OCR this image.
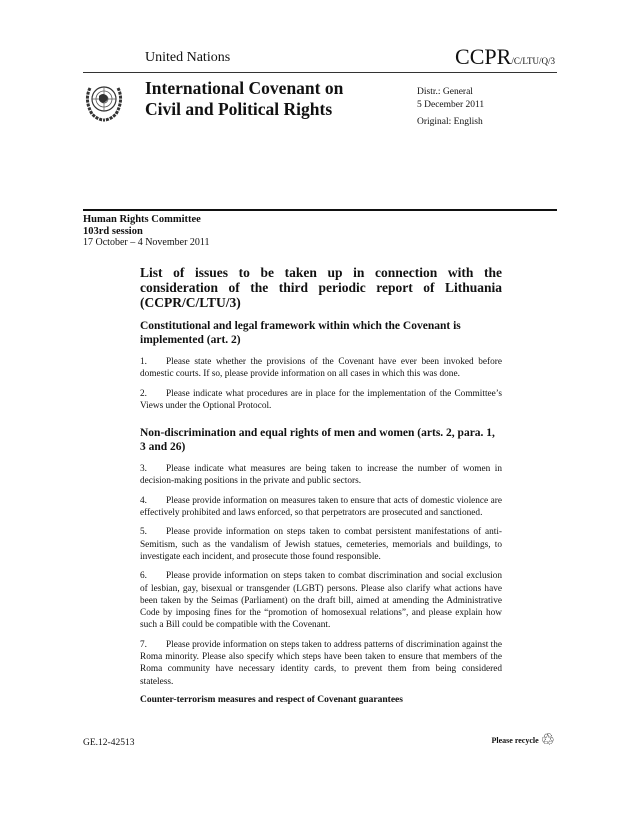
United Nations	CCPR/C/LTU/Q/3
International Covenant on
Civil and Political Rights
Distr.: General
5 December 2011
Original: English
Human Rights Committee
103rd session
17 October – 4 November 2011
List of issues to be taken up in connection with the consideration of the third periodic report of Lithuania (CCPR/C/LTU/3)
Constitutional and legal framework within which the Covenant is implemented (art. 2)

1. Please state whether the provisions of the Covenant have ever been invoked before domestic courts. If so, please provide information on all cases in which this was done.

2. Please indicate what procedures are in place for the implementation of the Committee’s Views under the Optional Protocol.

Non-discrimination and equal rights of men and women (arts. 2, para. 1, 3 and 26)

3. Please indicate what measures are being taken to increase the number of women in decision-making positions in the private and public sectors.

4. Please provide information on measures taken to ensure that acts of domestic violence are effectively prohibited and laws enforced, so that perpetrators are prosecuted and sanctioned.

5. Please provide information on steps taken to combat persistent manifestations of anti-Semitism, such as the vandalism of Jewish statues, cemeteries, memorials and buildings, to investigate each incident, and prosecute those found responsible.

6. Please provide information on steps taken to combat discrimination and social exclusion of lesbian, gay, bisexual or transgender (LGBT) persons. Please also clarify what actions have been taken by the Seimas (Parliament) on the draft bill, aimed at amending the Administrative Code by imposing fines for the “promotion of homosexual relations”, and please explain how such a Bill could be compatible with the Covenant.

7. Please provide information on steps taken to address patterns of discrimination against the Roma minority. Please also specify which steps have been taken to ensure that members of the Roma community have necessary identity cards, to prevent them from being considered stateless.

Counter-terrorism measures and respect of Covenant guarantees
GE.12-42513	Please recycle ♲
